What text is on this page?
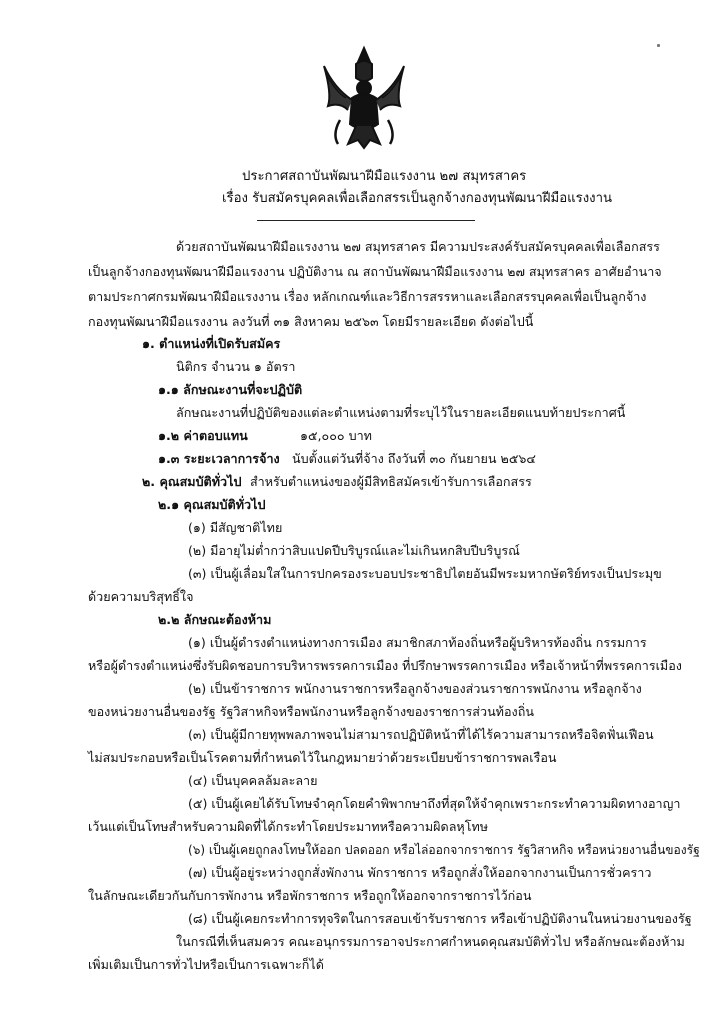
ประกาศสถาบันพัฒนาฝีมือแรงงาน ๒๗ สมุทรสาคร
เรื่อง รับสมัครบุคคลเพื่อเลือกสรรเป็นลูกจ้างกองทุนพัฒนาฝีมือแรงงาน
ด้วยสถาบันพัฒนาฝีมือแรงงาน ๒๗ สมุทรสาคร มีความประสงค์รับสมัครบุคคลเพื่อเลือกสรร
เป็นลูกจ้างกองทุนพัฒนาฝีมือแรงงาน ปฏิบัติงาน ณ สถาบันพัฒนาฝีมือแรงงาน ๒๗ สมุทรสาคร อาศัยอำนาจ
ตามประกาศกรมพัฒนาฝีมือแรงงาน เรื่อง หลักเกณฑ์และวิธีการสรรหาและเลือกสรรบุคคลเพื่อเป็นลูกจ้าง
กองทุนพัฒนาฝีมือแรงงาน ลงวันที่ ๓๑ สิงหาคม ๒๕๖๓ โดยมีรายละเอียด ดังต่อไปนี้
๑. ตำแหน่งที่เปิดรับสมัคร
นิติกร จำนวน ๑ อัตรา
๑.๑ ลักษณะงานที่จะปฏิบัติ
ลักษณะงานที่ปฏิบัติของแต่ละตำแหน่งตามที่ระบุไว้ในรายละเอียดแนบท้ายประกาศนี้
๑.๒ ค่าตอบแทน	๑๕,๐๐๐ บาท
๑.๓ ระยะเวลาการจ้าง นับตั้งแต่วันที่จ้าง ถึงวันที่ ๓๐ กันยายน ๒๕๖๔
๒. คุณสมบัติทั่วไป สำหรับตำแหน่งของผู้มีสิทธิสมัครเข้ารับการเลือกสรร
๒.๑ คุณสมบัติทั่วไป
(๑) มีสัญชาติไทย
(๒) มีอายุไม่ต่ำกว่าสิบแปดปีบริบูรณ์และไม่เกินหกสิบปีบริบูรณ์
(๓) เป็นผู้เลื่อมใสในการปกครองระบอบประชาธิปไตยอันมีพระมหากษัตริย์ทรงเป็นประมุข
ด้วยความบริสุทธิ์ใจ
๒.๒ ลักษณะต้องห้าม
(๑) เป็นผู้ดำรงตำแหน่งทางการเมือง สมาชิกสภาท้องถิ่นหรือผู้บริหารท้องถิ่น กรรมการ
หรือผู้ดำรงตำแหน่งซึ่งรับผิดชอบการบริหารพรรคการเมือง ที่ปรึกษาพรรคการเมือง หรือเจ้าหน้าที่พรรคการเมือง
(๒) เป็นข้าราชการ พนักงานราชการหรือลูกจ้างของส่วนราชการพนักงาน หรือลูกจ้าง
ของหน่วยงานอื่นของรัฐ รัฐวิสาหกิจหรือพนักงานหรือลูกจ้างของราชการส่วนท้องถิ่น
(๓) เป็นผู้มีกายทุพพลภาพจนไม่สามารถปฏิบัติหน้าที่ได้ไร้ความสามารถหรือจิตฟั่นเฟือน
ไม่สมประกอบหรือเป็นโรคตามที่กำหนดไว้ในกฎหมายว่าด้วยระเบียบข้าราชการพลเรือน
(๔) เป็นบุคคลล้มละลาย
(๕) เป็นผู้เคยได้รับโทษจำคุกโดยคำพิพากษาถึงที่สุดให้จำคุกเพราะกระทำความผิดทางอาญา
เว้นแต่เป็นโทษสำหรับความผิดที่ได้กระทำโดยประมาทหรือความผิดลหุโทษ
(๖) เป็นผู้เคยถูกลงโทษให้ออก ปลดออก หรือไล่ออกจากราชการ รัฐวิสาหกิจ หรือหน่วยงานอื่นของรัฐ
(๗) เป็นผู้อยู่ระหว่างถูกสั่งพักงาน พักราชการ หรือถูกสั่งให้ออกจากงานเป็นการชั่วคราว
ในลักษณะเดียวกันกับการพักงาน หรือพักราชการ หรือถูกให้ออกจากราชการไว้ก่อน
(๘) เป็นผู้เคยกระทำการทุจริตในการสอบเข้ารับราชการ หรือเข้าปฏิบัติงานในหน่วยงานของรัฐ
ในกรณีที่เห็นสมควร คณะอนุกรรมการอาจประกาศกำหนดคุณสมบัติทั่วไป หรือลักษณะต้องห้าม
เพิ่มเติมเป็นการทั่วไปหรือเป็นการเฉพาะก็ได้
